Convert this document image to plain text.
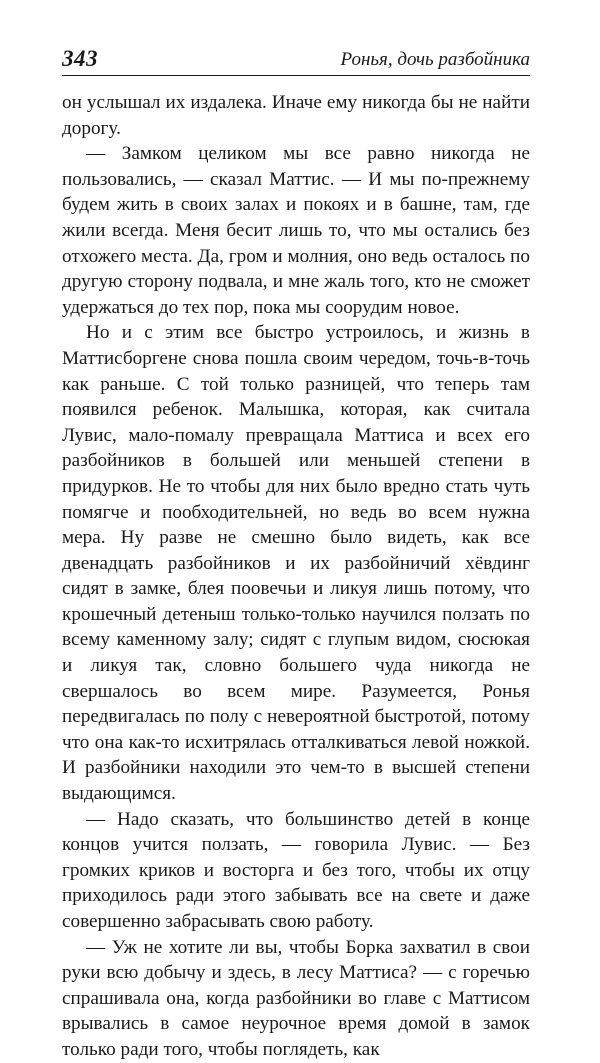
343	Ронья, дочь разбойника

он услышал их издалека. Иначе ему никогда бы не найти дорогу.

— Замком целиком мы все равно никогда не пользовались, — сказал Маттис. — И мы по-прежнему будем жить в своих залах и покоях и в башне, там, где жили всегда. Меня бесит лишь то, что мы остались без отхожего места. Да, гром и молния, оно ведь осталось по другую сторону подвала, и мне жаль того, кто не сможет удержаться до тех пор, пока мы соорудим новое.

Но и с этим все быстро устроилось, и жизнь в Маттисборгене снова пошла своим чередом, точь-в-точь как раньше. С той только разницей, что теперь там появился ребенок. Малышка, которая, как считала Лувис, мало-помалу превращала Маттиса и всех его разбойников в большей или меньшей степени в придурков. Не то чтобы для них было вредно стать чуть помягче и пообходительней, но ведь во всем нужна мера. Ну разве не смешно было видеть, как все двенадцать разбойников и их разбойничий хёвдинг сидят в замке, блея поовечьи и ликуя лишь потому, что крошечный детеныш только-только научился ползать по всему каменному залу; сидят с глупым видом, сюсюкая и ликуя так, словно большего чуда никогда не свершалось во всем мире. Разумеется, Ронья передвигалась по полу с невероятной быстротой, потому что она как-то исхитрялась отталкиваться левой ножкой. И разбойники находили это чем-то в высшей степени выдающимся.

— Надо сказать, что большинство детей в конце концов учится ползать, — говорила Лувис. — Без громких криков и восторга и без того, чтобы их отцу приходилось ради этого забывать все на свете и даже совершенно забрасывать свою работу.

— Уж не хотите ли вы, чтобы Борка захватил в свои руки всю добычу и здесь, в лесу Маттиса? — с горечью спрашивала она, когда разбойники во главе с Маттисом врывались в самое неурочное время домой в замок только ради того, чтобы поглядеть, как
